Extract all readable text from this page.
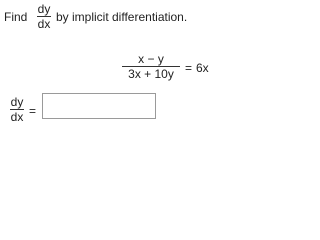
Find
dy
dx by implicit differentiation.
x − y
3x + 10y = 6x
dy
dx =
